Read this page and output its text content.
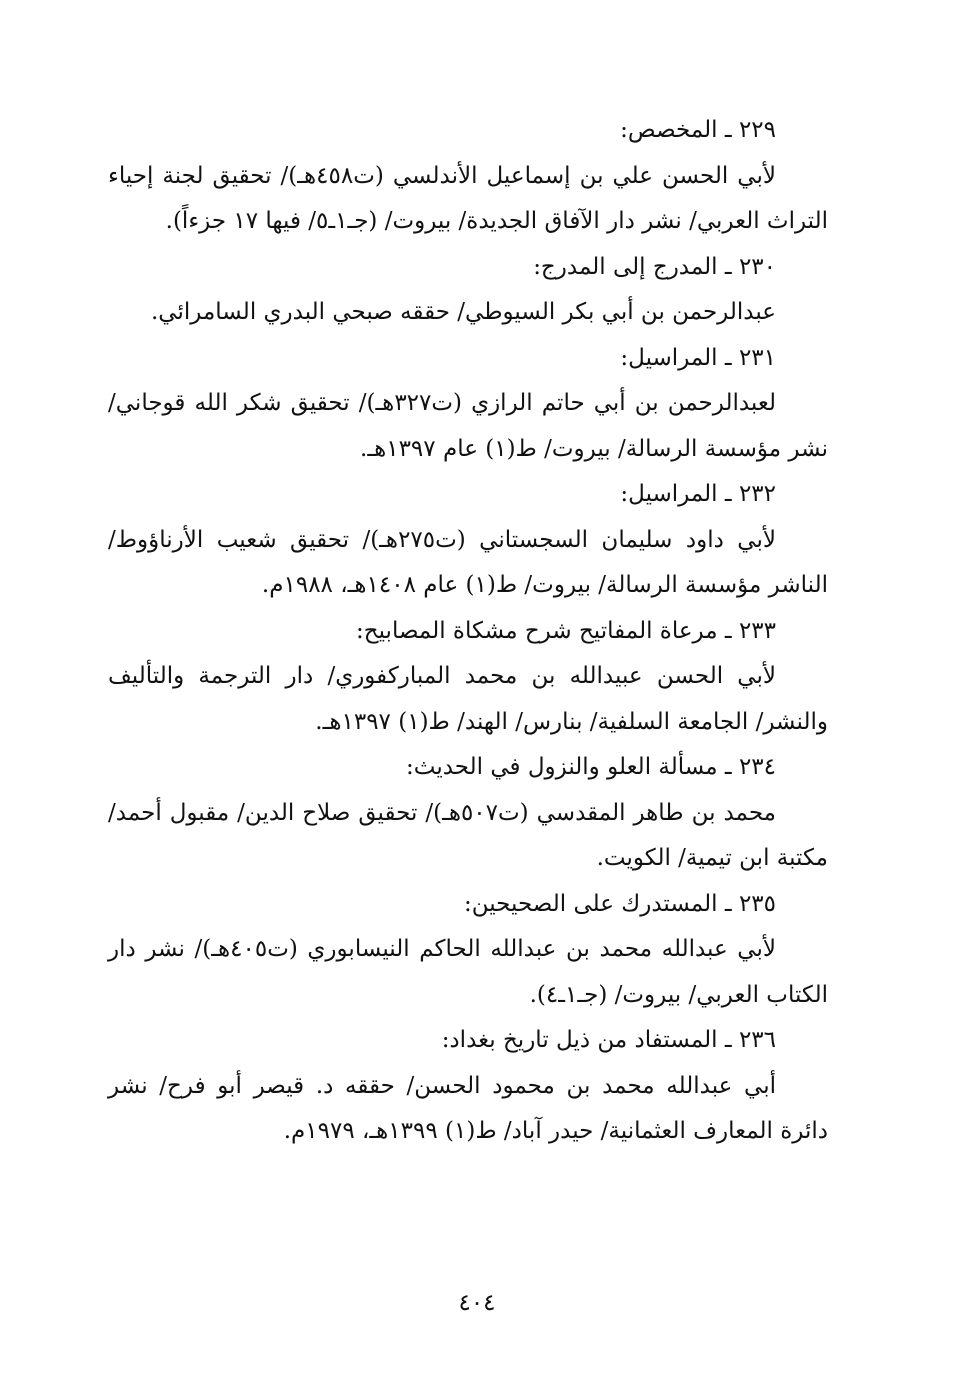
٢٢٩ ـ المخصص:
لأبي الحسن علي بن إسماعيل الأندلسي (ت٤٥٨هـ)/ تحقيق لجنة إحياء التراث العربي/ نشر دار الآفاق الجديدة/ بيروت/ (جـ١ـ٥/ فيها ١٧ جزءاً).
٢٣٠ ـ المدرج إلى المدرج:
عبدالرحمن بن أبي بكر السيوطي/ حققه صبحي البدري السامرائي.
٢٣١ ـ المراسيل:
لعبدالرحمن بن أبي حاتم الرازي (ت٣٢٧هـ)/ تحقيق شكر الله قوجاني/ نشر مؤسسة الرسالة/ بيروت/ ط(١) عام ١٣٩٧هـ.
٢٣٢ ـ المراسيل:
لأبي داود سليمان السجستاني (ت٢٧٥هـ)/ تحقيق شعيب الأرناؤوط/ الناشر مؤسسة الرسالة/ بيروت/ ط(١) عام ١٤٠٨هـ، ١٩٨٨م.
٢٣٣ ـ مرعاة المفاتيح شرح مشكاة المصابيح:
لأبي الحسن عبيدالله بن محمد المباركفوري/ دار الترجمة والتأليف والنشر/ الجامعة السلفية/ بنارس/ الهند/ ط(١) ١٣٩٧هـ.
٢٣٤ ـ مسألة العلو والنزول في الحديث:
محمد بن طاهر المقدسي (ت٥٠٧هـ)/ تحقيق صلاح الدين/ مقبول أحمد/ مكتبة ابن تيمية/ الكويت.
٢٣٥ ـ المستدرك على الصحيحين:
لأبي عبدالله محمد بن عبدالله الحاكم النيسابوري (ت٤٠٥هـ)/ نشر دار الكتاب العربي/ بيروت/ (جـ١ـ٤).
٢٣٦ ـ المستفاد من ذيل تاريخ بغداد:
أبي عبدالله محمد بن محمود الحسن/ حققه د. قيصر أبو فرح/ نشر دائرة المعارف العثمانية/ حيدر آباد/ ط(١) ١٣٩٩هـ، ١٩٧٩م.
٤٠٤
